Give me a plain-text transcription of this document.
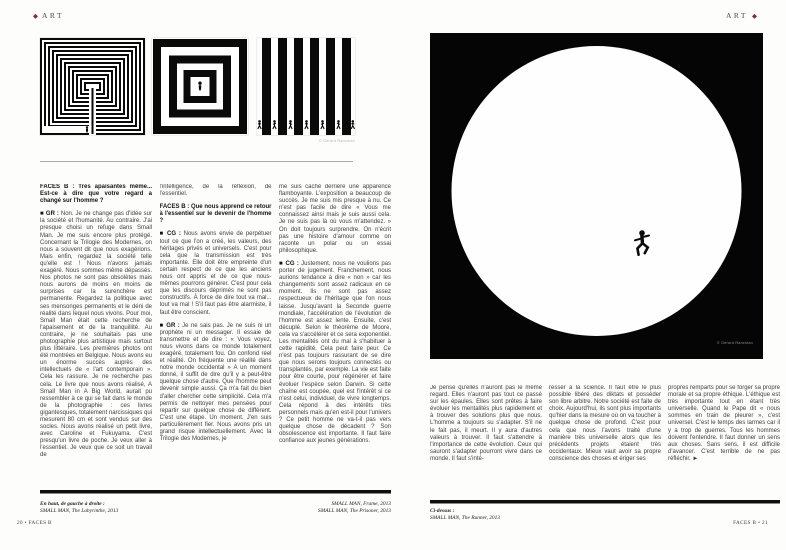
◆ ART
© Gérard Rancinan

FACES B : Très apaisantes même... Est-ce à dire que votre regard a changé sur l'homme ?

■ GR : Non. Je ne change pas d'idée sur la société et l'humanité. Au contraire. J'ai presque choisi un refuge dans Small Man. Je me suis encore plus protégé. Concernant la Trilogie des Modernes, on nous a souvent dit que nous exagérions. Mais enfin, regardez la société telle qu'elle est ! Nous n'avons jamais exagéré. Nous sommes même dépassés. Nos photos ne sont pas obsolètes mais nous aurons de moins en moins de surprises car la surenchère est permanente. Regardez la politique avec ses mensonges permanents et le déni de réalité dans lequel nous vivons. Pour moi, Small Man était cette recherche de l'apaisement et de la tranquillité. Au contraire, je ne souhaitais pas une photographie plus artistique mais surtout plus littéraire. Les premières photos ont été montrées en Belgique. Nous avons eu un énorme succès auprès des intellectuels de « l'art contemporain ». Cela les rassure. Je ne recherche pas cela. Le livre que nous avons réalisé, A Small Man in A Big World, aurait pu ressembler à ce qui se fait dans le monde de la photographie : ces livres gigantesques, totalement narcissiques qui mesurent 80 cm et sont vendus sur des socles. Nous avons réalisé un petit livre, avec Caroline et Fukuyama. C'est presqu'un livre de poche. Je veux aller à l'essentiel. Je veux que ce soit un travail de

l'intelligence, de la réflexion, de l'essentiel.

FACES B : Que nous apprend ce retour à l'essentiel sur le devenir de l'homme ?

■ CG : Nous avons envie de perpétuer tout ce que l'on a créé, les valeurs, des héritages privés et universels. C'est pour cela que la transmission est très importante. Elle doit être empreinte d'un certain respect de ce que les anciens nous ont appris et de ce que nous-mêmes pourrons générer. C'est pour cela que les discours déprimés ne sont pas constructifs. À force de dire tout va mal... tout va mal ! S'il faut pas être alarmiste, il faut être conscient.

■ GR : Je ne sais pas. Je ne suis ni un prophète ni un messager. Il essaie de transmettre et de dire : « Vous voyez, nous vivons dans ce monde totalement exagéré, totalement fou. On confond réel et réalité. On fréquente une réalité dans notre monde occidental » A un moment donné, il suffit de dire qu'il y a peut-être quelque chose d'autre. Que l'homme peut devenir simple aussi. Ça m'a fait du bien d'aller chercher cette simplicité. Cela m'a permis de nettoyer mes pensées pour repartir sur quelque chose de différent. C'est une étape. Un moment. J'en suis particulièrement fier. Nous avons pris un grand risque intellectuellement. Avec la Trilogie des Modernes, je

me suis caché derrière une apparence flamboyante. L'exposition a beaucoup de succès. Je me suis mis presque à nu. Ce n'est pas facile de dire « Vous me connaissez ainsi mais je suis aussi cela. Je ne suis pas là où vous m'attendez. » On doit toujours surprendre. On n'écrit pas une histoire d'amour comme on raconte un polar ou un essai philosophique.

■ CG : Justement, nous ne voulions pas porter de jugement. Franchement, nous aurions tendance à dire « non » car les changements sont assez radicaux en ce moment. Ils ne sont pas assez respectueux de l'héritage que l'on nous laisse. Jusqu'avant la Seconde guerre mondiale, l'accélération de l'évolution de l'homme est assez lente. Ensuite, c'est décuplé. Selon le théorème de Moore, cela va s'accélérer et ce sera exponentiel. Les mentalités ont du mal à s'habituer à cette rapidité. Cela peut faire peur. Ce n'est pas toujours rassurant de se dire que nous serons toujours connectés ou transplantés, par exemple. La vie est faite pour être courte, pour régénérer et faire évoluer l'espèce selon Darwin. Si cette chaîne est coupée, quel est l'intérêt si ce n'est celui, individuel, de vivre longtemps. Cela répond à des intérêts très personnels mais qu'en est-il pour l'univers ? Ce petit homme ne va-t-il pas vers quelque chose de décadent ? Son obsolescence est importante. Il faut faire confiance aux jeunes générations.

En haut, de gauche à droite :
SMALL MAN, The Labyrinthe, 2013
SMALL MAN, Frame, 2013
SMALL MAN, The Prisoner, 2013
20 • FACES B
ART ◆
© Gérard Rancinan

Je pense qu'elles n'auront pas le même regard. Elles n'auront pas tout ce passé sur les épaules. Elles sont prêtes à faire évoluer les mentalités plus rapidement et à trouver des solutions plus que nous. L'homme a toujours su s'adapter. S'il ne le fait pas, il meurt. Il y aura d'autres valeurs à trouver. Il faut s'attendre à l'importance de cette évolution. Ceux qui sauront s'adapter pourront vivre dans ce monde. Il faut s'inté-

resser à la science. Il faut être le plus possible libéré des diktats et posséder son libre arbitre. Notre société est faite de choix. Aujourd'hui, ils sont plus importants qu'hier dans la mesure où on va toucher à quelque chose de profond. C'est pour cela que nous l'avons traité d'une manière très universelle alors que les précédents projets étaient très occidentaux. Mieux vaut avoir sa propre conscience des choses et ériger ses

propres remparts pour se forger sa propre morale et sa propre éthique. L'éthique est très importante tout en étant très universelle. Quand le Pape dit « nous sommes en train de pleurer », c'est universel. C'est le temps des larmes car il y a trop de guerres. Tous les hommes doivent l'entendre. Il faut donner un sens aux choses. Sans sens, il est difficile d'avancer. C'est terrible de ne pas réfléchir. ►

Ci-dessus :
SMALL MAN, The Runner, 2013
FACES B • 21
